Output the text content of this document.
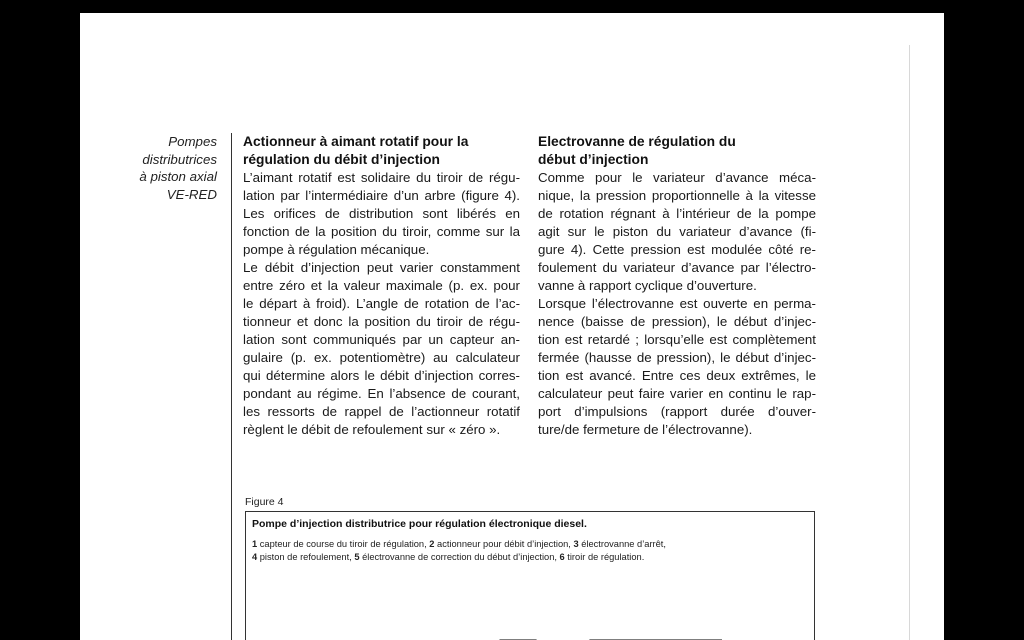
Pompes
distributrices
à piston axial
VE-RED
Actionneur à aimant rotatif pour la
régulation du débit d’injection

L’aimant rotatif est solidaire du tiroir de régu-
lation par l’intermédiaire d’un arbre (figure 4).
Les orifices de distribution sont libérés en
fonction de la position du tiroir, comme sur la
pompe à régulation mécanique.
Le débit d’injection peut varier constamment
entre zéro et la valeur maximale (p. ex. pour
le départ à froid). L’angle de rotation de l’ac-
tionneur et donc la position du tiroir de régu-
lation sont communiqués par un capteur an-
gulaire (p. ex. potentiomètre) au calculateur
qui détermine alors le débit d’injection corres-
pondant au régime. En l’absence de courant,
les ressorts de rappel de l’actionneur rotatif
règlent le débit de refoulement sur « zéro ».

Electrovanne de régulation du
début d’injection

Comme pour le variateur d’avance méca-
nique, la pression proportionnelle à la vitesse
de rotation régnant à l’intérieur de la pompe
agit sur le piston du variateur d’avance (fi-
gure 4). Cette pression est modulée côté re-
foulement du variateur d’avance par l’électro-
vanne à rapport cyclique d’ouverture.
Lorsque l’électrovanne est ouverte en perma-
nence (baisse de pression), le début d’injec-
tion est retardé ; lorsqu’elle est complètement
fermée (hausse de pression), le début d’injec-
tion est avancé. Entre ces deux extrêmes, le
calculateur peut faire varier en continu le rap-
port d’impulsions (rapport durée d’ouver-
ture/de fermeture de l’électrovanne).

Figure 4
Pompe d’injection distributrice pour régulation électronique diesel.
1 capteur de course du tiroir de régulation, 2 actionneur pour débit d’injection, 3 électrovanne d’arrêt,
4 piston de refoulement, 5 électrovanne de correction du début d’injection, 6 tiroir de régulation.
